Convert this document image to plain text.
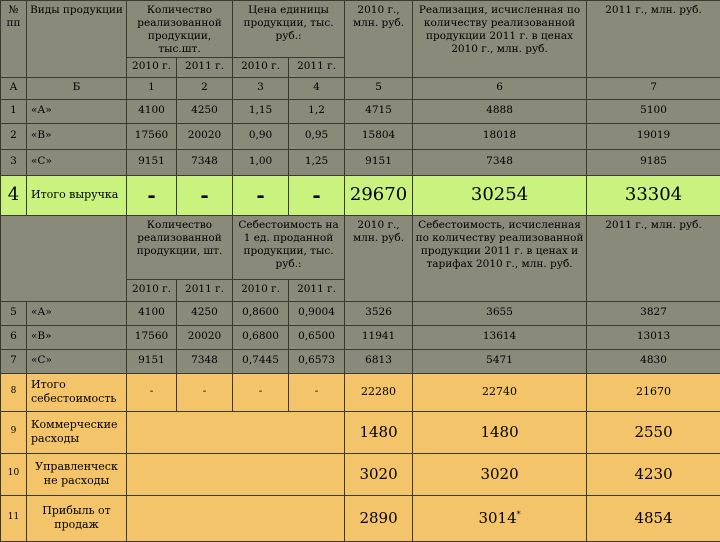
№ пп	Виды продукции	Количество реализованной продукции, тыс.шт.		Цена единицы продукции, тыс. руб.:		2010 г., млн. руб.	Реализация, исчисленная по количеству реализованной продукции 2011 г. в ценах 2010 г., млн. руб.	2011 г., млн. руб.
		2010 г.	2011 г.	2010 г.	2011 г.			
А	Б	1	2	3	4	5	6	7
1	«А»	4100	4250	1,15	1,2	4715	4888	5100
2	«В»	17560	20020	0,90	0,95	15804	18018	19019
3	«С»	9151	7348	1,00	1,25	9151	7348	9185
4	Итого выручка	-	-	-	-	29670	30254	33304
		Количество реализованной продукции, шт.		Себестоимость на 1 ед. проданной продукции, тыс. руб.:		2010 г., млн. руб.	Себестоимость, исчисленная по количеству реализованной продукции 2011 г. в ценах и тарифах 2010 г., млн. руб.	2011 г., млн. руб.
		2010 г.	2011 г.	2010 г.	2011 г.			
5	«А»	4100	4250	0,8600	0,9004	3526	3655	3827
6	«В»	17560	20020	0,6800	0,6500	11941	13614	13013
7	«С»	9151	7348	0,7445	0,6573	6813	5471	4830
8	Итого себестоимость	-	-	-	-	22280	22740	21670
9	Коммерческие расходы					1480	1480	2550
10	Управленческ не расходы					3020	3020	4230
11	Прибыль от продаж					2890	3014*	4854
